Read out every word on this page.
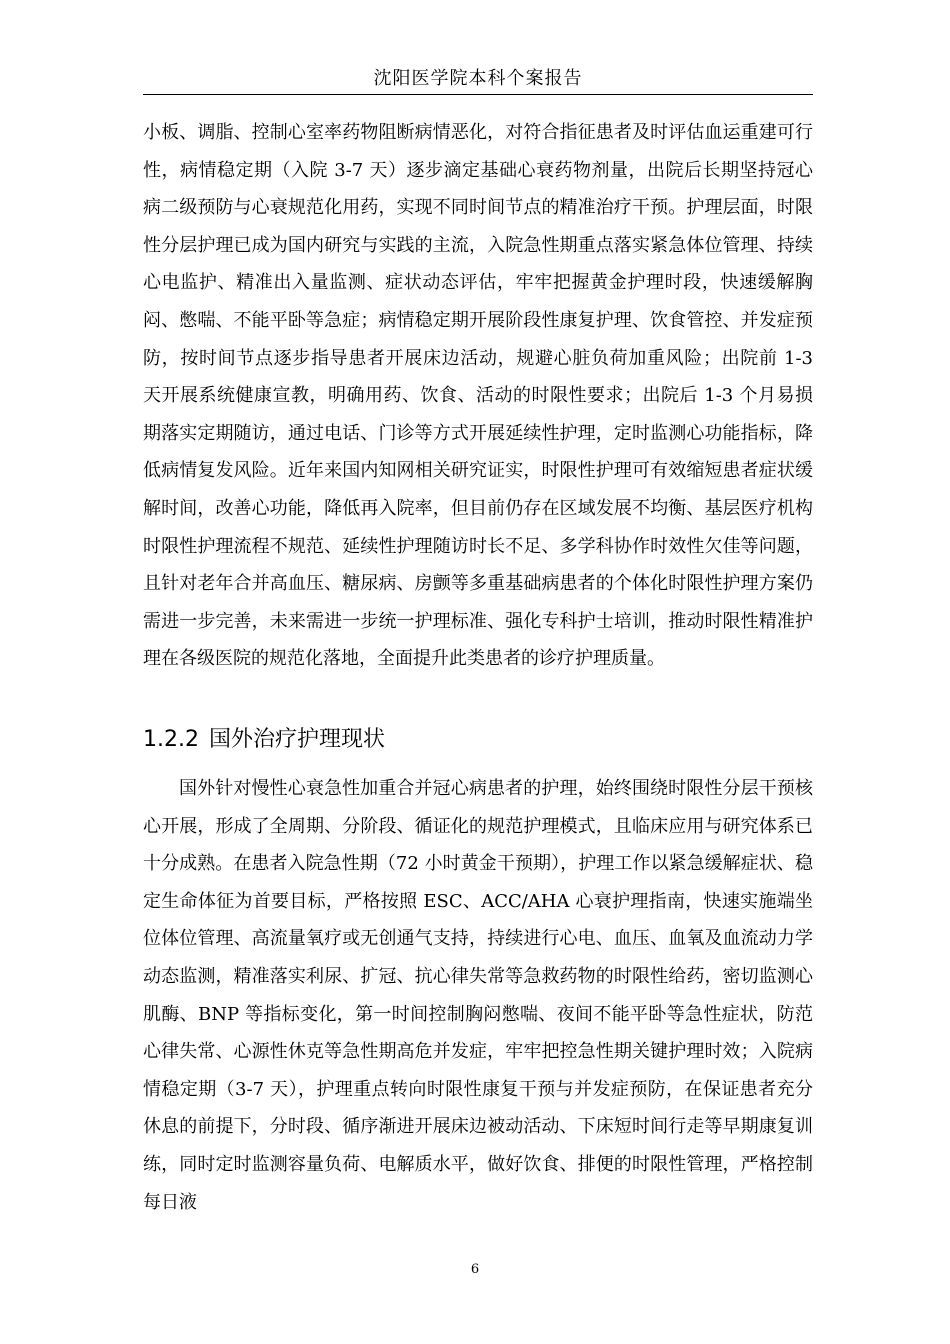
沈阳医学院本科个案报告

小板、调脂、控制心室率药物阻断病情恶化，对符合指征患者及时评估血运重建可行性，病情稳定期（入院 3-7 天）逐步滴定基础心衰药物剂量，出院后长期坚持冠心病二级预防与心衰规范化用药，实现不同时间节点的精准治疗干预。护理层面，时限性分层护理已成为国内研究与实践的主流，入院急性期重点落实紧急体位管理、持续心电监护、精准出入量监测、症状动态评估，牢牢把握黄金护理时段，快速缓解胸闷、憋喘、不能平卧等急症；病情稳定期开展阶段性康复护理、饮食管控、并发症预防，按时间节点逐步指导患者开展床边活动，规避心脏负荷加重风险；出院前 1-3 天开展系统健康宣教，明确用药、饮食、活动的时限性要求；出院后 1-3 个月易损期落实定期随访，通过电话、门诊等方式开展延续性护理，定时监测心功能指标，降低病情复发风险。近年来国内知网相关研究证实，时限性护理可有效缩短患者症状缓解时间，改善心功能，降低再入院率，但目前仍存在区域发展不均衡、基层医疗机构时限性护理流程不规范、延续性护理随访时长不足、多学科协作时效性欠佳等问题，且针对老年合并高血压、糖尿病、房颤等多重基础病患者的个体化时限性护理方案仍需进一步完善，未来需进一步统一护理标准、强化专科护士培训，推动时限性精准护理在各级医院的规范化落地，全面提升此类患者的诊疗护理质量。

1.2.2 国外治疗护理现状

国外针对慢性心衰急性加重合并冠心病患者的护理，始终围绕时限性分层干预核心开展，形成了全周期、分阶段、循证化的规范护理模式，且临床应用与研究体系已十分成熟。在患者入院急性期（72 小时黄金干预期），护理工作以紧急缓解症状、稳定生命体征为首要目标，严格按照 ESC、ACC/AHA 心衰护理指南，快速实施端坐位体位管理、高流量氧疗或无创通气支持，持续进行心电、血压、血氧及血流动力学动态监测，精准落实利尿、扩冠、抗心律失常等急救药物的时限性给药，密切监测心肌酶、BNP 等指标变化，第一时间控制胸闷憋喘、夜间不能平卧等急性症状，防范心律失常、心源性休克等急性期高危并发症，牢牢把控急性期关键护理时效；入院病情稳定期（3-7 天），护理重点转向时限性康复干预与并发症预防，在保证患者充分休息的前提下，分时段、循序渐进开展床边被动活动、下床短时间行走等早期康复训练，同时定时监测容量负荷、电解质水平，做好饮食、排便的时限性管理，严格控制每日液

6
